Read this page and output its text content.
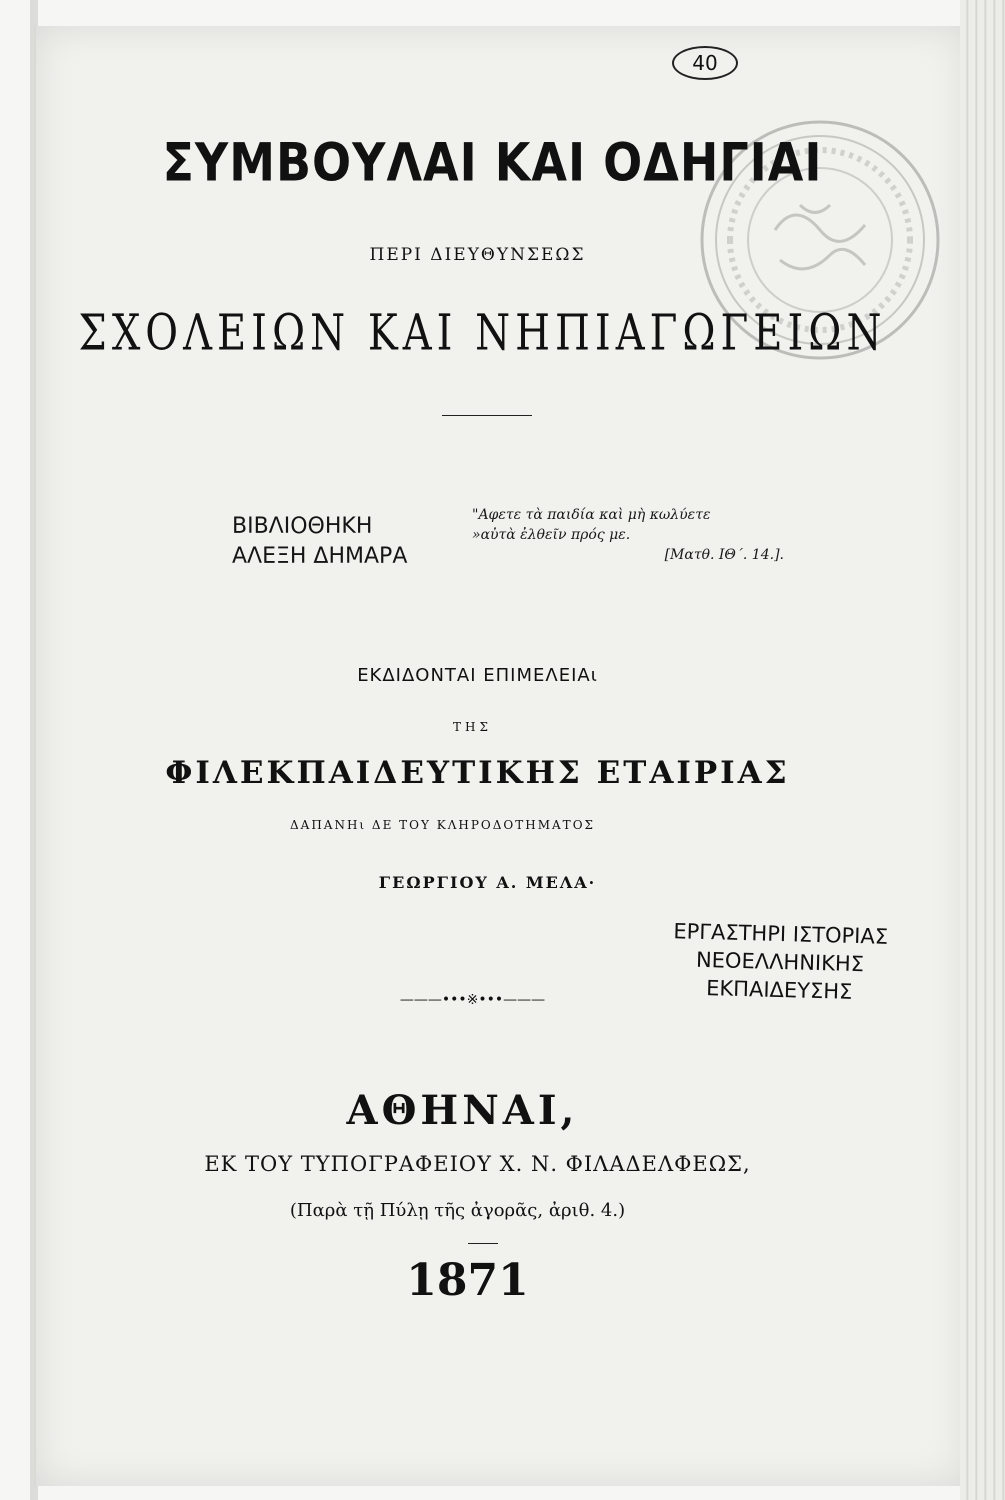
40
ΣΥΜΒΟΥΛΑΙ ΚΑΙ ΟΔΗΓΙΑΙ
ΠΕΡΙ ΔΙΕΥΘΥΝΣΕΩΣ
ΣΧΟΛΕΙΩΝ ΚΑΙ ΝΗΠΙΑΓΩΓΕΙΩΝ
ΒΙΒΛΙΟΘΗΚΗ
ΑΛΕΞΗ ΔΗΜΑΡΑ
"Αφετε τὰ παιδία καὶ μὴ κωλύετε
»αὐτὰ ἐλθεῖν πρός με.
[Ματθ. ΙΘ΄. 14.].
ΕΚΔΙΔΟΝΤΑΙ ΕΠΙΜΕΛΕΙΑι
ΤΗΣ
ΦΙΛΕΚΠΑΙΔΕΥΤΙΚΗΣ ΕΤΑΙΡΙΑΣ
ΔΑΠΑΝΗι ΔΕ ΤΟΥ ΚΛΗΡΟΔΟΤΗΜΑΤΟΣ
ΓΕΩΡΓΙΟΥ Α. ΜΕΛΑ·
ΕΡΓΑΣΤΗΡΙ ΙΣΤΟΡΙΑΣ
ΝΕΟΕΛΛΗΝΙΚΗΣ
ΕΚΠΑΙΔΕΥΣΗΣ
———•••※•••———
ΑΘΗΝΑΙ,
ΕΚ ΤΟΥ ΤΥΠΟΓΡΑΦΕΙΟΥ Χ. Ν. ΦΙΛΑΔΕΛΦΕΩΣ,
(Παρὰ τῇ Πύλῃ τῆς ἀγορᾶς, ἀριθ. 4.)
1871
